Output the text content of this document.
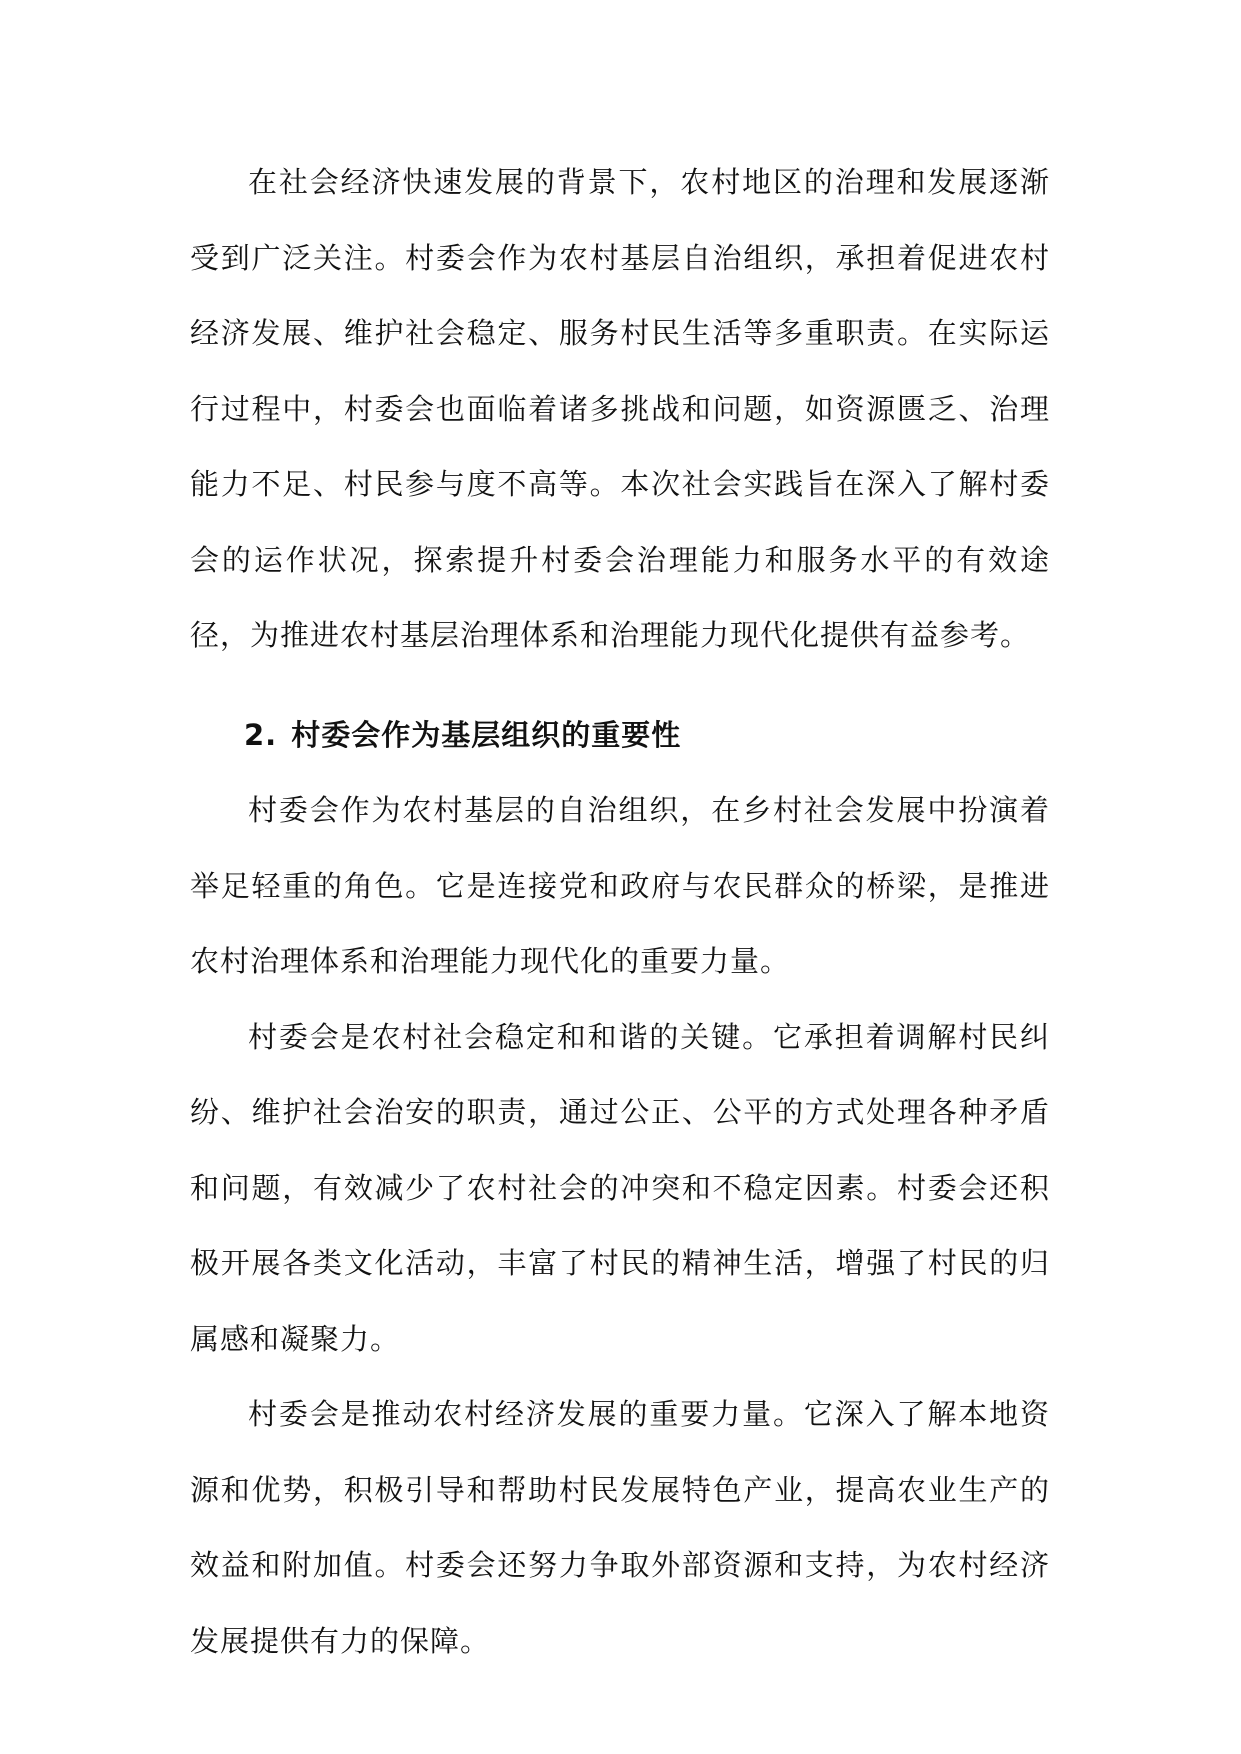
在社会经济快速发展的背景下，农村地区的治理和发展逐渐受到广泛关注。村委会作为农村基层自治组织，承担着促进农村经济发展、维护社会稳定、服务村民生活等多重职责。在实际运行过程中，村委会也面临着诸多挑战和问题，如资源匮乏、治理能力不足、村民参与度不高等。本次社会实践旨在深入了解村委会的运作状况，探索提升村委会治理能力和服务水平的有效途径，为推进农村基层治理体系和治理能力现代化提供有益参考。

2. 村委会作为基层组织的重要性

村委会作为农村基层的自治组织，在乡村社会发展中扮演着举足轻重的角色。它是连接党和政府与农民群众的桥梁，是推进农村治理体系和治理能力现代化的重要力量。

村委会是农村社会稳定和和谐的关键。它承担着调解村民纠纷、维护社会治安的职责，通过公正、公平的方式处理各种矛盾和问题，有效减少了农村社会的冲突和不稳定因素。村委会还积极开展各类文化活动，丰富了村民的精神生活，增强了村民的归属感和凝聚力。

村委会是推动农村经济发展的重要力量。它深入了解本地资源和优势，积极引导和帮助村民发展特色产业，提高农业生产的效益和附加值。村委会还努力争取外部资源和支持，为农村经济发展提供有力的保障。
